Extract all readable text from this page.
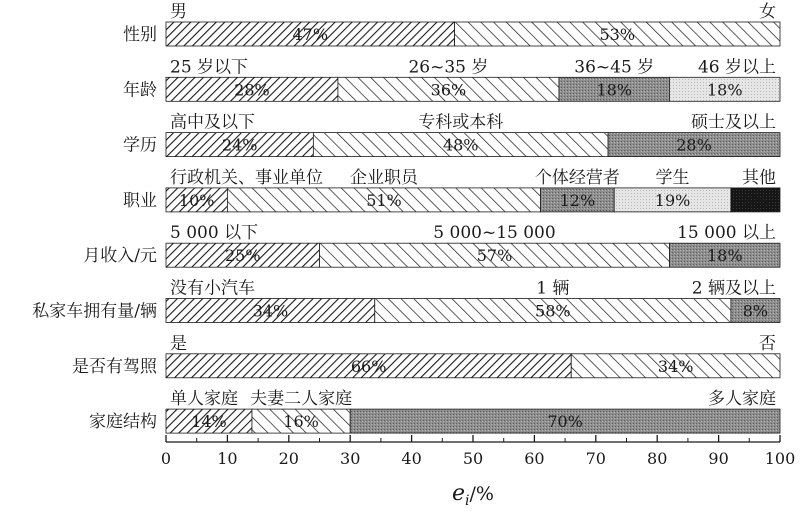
性别
男
47%
女
53%
年龄
25 岁以下
28%
26~35 岁
36%
36~45 岁
18%
46 岁以上
18%
学历
高中及以下
24%
专科或本科
48%
硕士及以上
28%
职业
行政机关、事业单位
10%
企业职员
51%
个体经营者
12%
学生
19%
其他
8%
月收入/元
5 000 以下
25%
5 000~15 000
57%
15 000 以上
18%
私家车拥有量/辆
没有小汽车
34%
1 辆
58%
2 辆及以上
8%
是否有驾照
是
66%
否
34%
家庭结构
单人家庭
14%
夫妻二人家庭
16%
多人家庭
70%
0	10	20	30	40	50	60	70	80	90 100
$e_i/\%$
